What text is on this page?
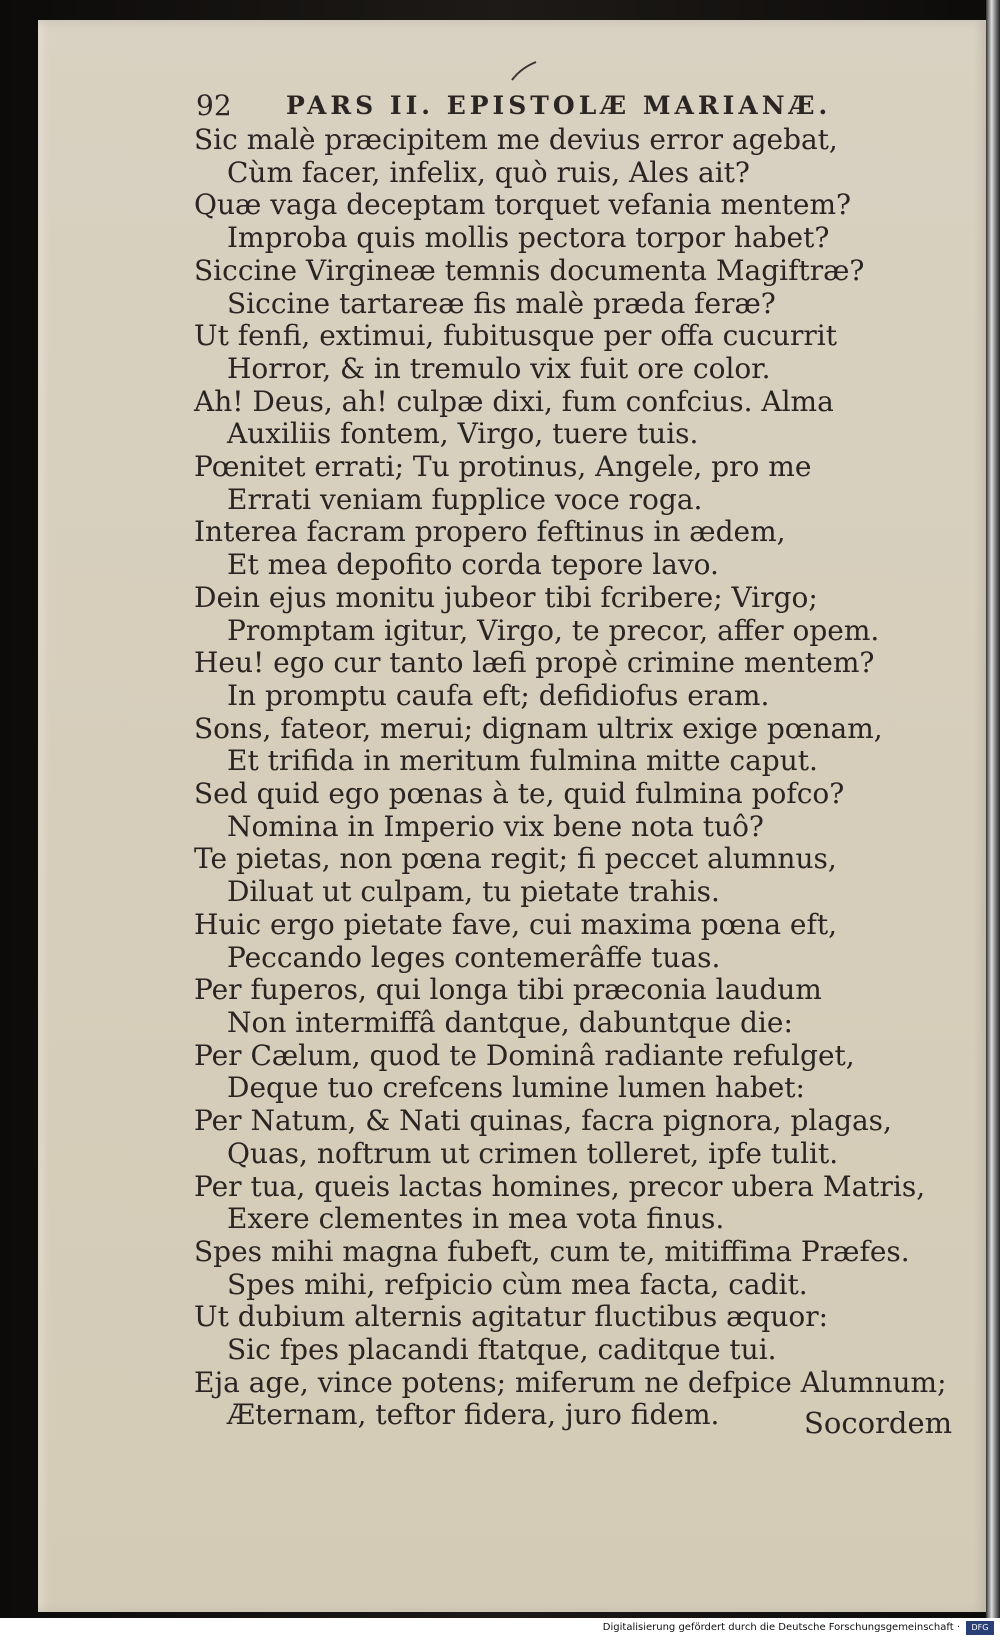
92 PARS II. EPISTOLÆ MARIANÆ.
Sic malè præcipitem me devius error agebat,
Cùm facer, infelix, quò ruis, Ales ait?
Quæ vaga deceptam torquet vefania mentem?
Improba quis mollis pectora torpor habet?
Siccine Virgineæ temnis documenta Magiftræ?
Siccine tartareæ fis malè præda feræ?
Ut fenfi, extimui, fubitusque per offa cucurrit
Horror, & in tremulo vix fuit ore color.
Ah! Deus, ah! culpæ dixi, fum confcius. Alma
Auxiliis fontem, Virgo, tuere tuis.
Pœnitet errati; Tu protinus, Angele, pro me
Errati veniam fupplice voce roga.
Interea facram propero feftinus in ædem,
Et mea depofito corda tepore lavo.
Dein ejus monitu jubeor tibi fcribere; Virgo;
Promptam igitur, Virgo, te precor, affer opem.
Heu! ego cur tanto læfi propè crimine mentem?
In promptu caufa eft; defidiofus eram.
Sons, fateor, merui; dignam ultrix exige pœnam,
Et trifida in meritum fulmina mitte caput.
Sed quid ego pœnas à te, quid fulmina pofco?
Nomina in Imperio vix bene nota tuô?
Te pietas, non pœna regit; fi peccet alumnus,
Diluat ut culpam, tu pietate trahis.
Huic ergo pietate fave, cui maxima pœna eft,
Peccando leges contemerâffe tuas.
Per fuperos, qui longa tibi præconia laudum
Non intermiffâ dantque, dabuntque die:
Per Cælum, quod te Dominâ radiante refulget,
Deque tuo crefcens lumine lumen habet:
Per Natum, & Nati quinas, facra pignora, plagas,
Quas, noftrum ut crimen tolleret, ipfe tulit.
Per tua, queis lactas homines, precor ubera Matris,
Exere clementes in mea vota finus.
Spes mihi magna fubeft, cum te, mitiffima Præfes.
Spes mihi, refpicio cùm mea facta, cadit.
Ut dubium alternis agitatur fluctibus æquor:
Sic fpes placandi ftatque, caditque tui.
Eja age, vince potens; miferum ne defpice Alumnum;
Æternam, teftor fidera, juro fidem.	Socordem
Digitalisierung gefördert durch die Deutsche Forschungsgemeinschaft ·	DFG
